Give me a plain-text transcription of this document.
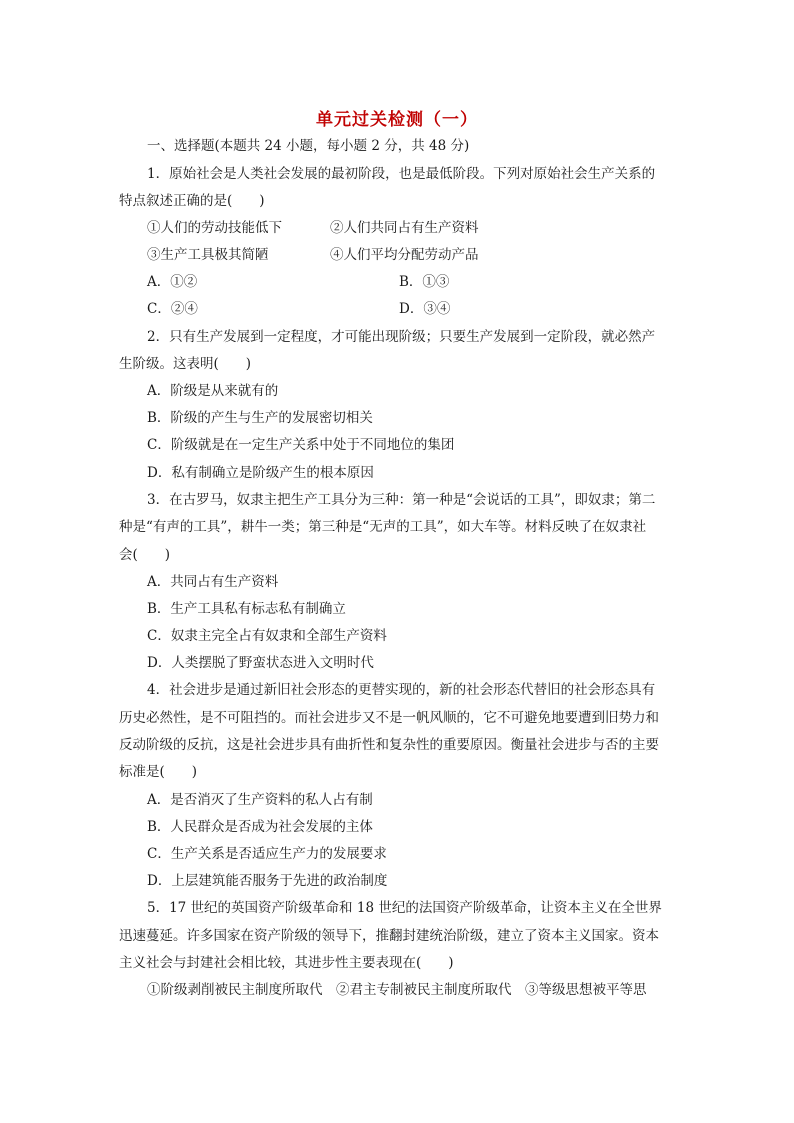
单元过关检测（一）
一、选择题(本题共 24 小题，每小题 2 分，共 48 分)
1．原始社会是人类社会发展的最初阶段，也是最低阶段。下列对原始社会生产关系的
特点叙述正确的是(　　)
①人们的劳动技能低下	②人们共同占有生产资料
③生产工具极其简陋	④人们平均分配劳动产品
A．①②	B．①③
C．②④	D．③④
2．只有生产发展到一定程度，才可能出现阶级；只要生产发展到一定阶段，就必然产
生阶级。这表明(　　)
A．阶级是从来就有的
B．阶级的产生与生产的发展密切相关
C．阶级就是在一定生产关系中处于不同地位的集团
D．私有制确立是阶级产生的根本原因
3．在古罗马，奴隶主把生产工具分为三种：第一种是“会说话的工具”，即奴隶；第二
种是“有声的工具”，耕牛一类；第三种是“无声的工具”，如大车等。材料反映了在奴隶社
会(　　)
A．共同占有生产资料
B．生产工具私有标志私有制确立
C．奴隶主完全占有奴隶和全部生产资料
D．人类摆脱了野蛮状态进入文明时代
4．社会进步是通过新旧社会形态的更替实现的，新的社会形态代替旧的社会形态具有
历史必然性，是不可阻挡的。而社会进步又不是一帆风顺的，它不可避免地要遭到旧势力和
反动阶级的反抗，这是社会进步具有曲折性和复杂性的重要原因。衡量社会进步与否的主要
标准是(　　)
A．是否消灭了生产资料的私人占有制
B．人民群众是否成为社会发展的主体
C．生产关系是否适应生产力的发展要求
D．上层建筑能否服务于先进的政治制度
5．17 世纪的英国资产阶级革命和 18 世纪的法国资产阶级革命，让资本主义在全世界
迅速蔓延。许多国家在资产阶级的领导下，推翻封建统治阶级，建立了资本主义国家。资本
主义社会与封建社会相比较，其进步性主要表现在(　　)
①阶级剥削被民主制度所取代　②君主专制被民主制度所取代　③等级思想被平等思
